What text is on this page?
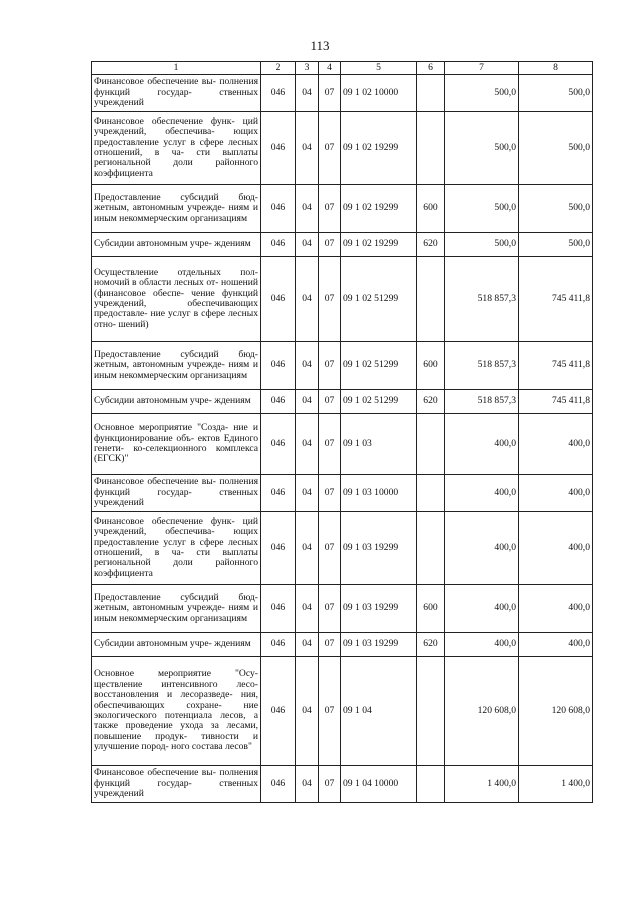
113
1	2	3	4	5	6	7	8
Финансовое обеспечение вы- полнения функций государ- ственных учреждений	046	04	07	09 1 02 10000		500,0	500,0
Финансовое обеспечение функ- ций учреждений, обеспечива- ющих предоставление услуг в сфере лесных отношений, в ча- сти выплаты региональной доли районного коэффициента	046	04	07	09 1 02 19299		500,0	500,0
Предоставление субсидий бюд- жетным, автономным учрежде- ниям и иным некоммерческим организациям	046	04	07	09 1 02 19299	600	500,0	500,0
Субсидии автономным учре- ждениям	046	04	07	09 1 02 19299	620	500,0	500,0
Осуществление отдельных пол- номочий в области лесных от- ношений (финансовое обеспе- чение функций учреждений, обеспечивающих предоставле- ние услуг в сфере лесных отно- шений)	046	04	07	09 1 02 51299		518 857,3	745 411,8
Предоставление субсидий бюд- жетным, автономным учрежде- ниям и иным некоммерческим организациям	046	04	07	09 1 02 51299	600	518 857,3	745 411,8
Субсидии автономным учре- ждениям	046	04	07	09 1 02 51299	620	518 857,3	745 411,8
Основное мероприятие "Созда- ние и функционирование объ- ектов Единого генети- ко-селекционного комплекса (ЕГСК)"	046	04	07	09 1 03		400,0	400,0
Финансовое обеспечение вы- полнения функций государ- ственных учреждений	046	04	07	09 1 03 10000		400,0	400,0
Финансовое обеспечение функ- ций учреждений, обеспечива- ющих предоставление услуг в сфере лесных отношений, в ча- сти выплаты региональной доли районного коэффициента	046	04	07	09 1 03 19299		400,0	400,0
Предоставление субсидий бюд- жетным, автономным учрежде- ниям и иным некоммерческим организациям	046	04	07	09 1 03 19299	600	400,0	400,0
Субсидии автономным учре- ждениям	046	04	07	09 1 03 19299	620	400,0	400,0
Основное мероприятие "Осу- ществление интенсивного лесо- восстановления и лесоразведе- ния, обеспечивающих сохране- ние экологического потенциала лесов, а также проведение ухода за лесами, повышение продук- тивности и улучшение пород- ного состава лесов"	046	04	07	09 1 04		120 608,0	120 608,0
Финансовое обеспечение вы- полнения функций государ- ственных учреждений	046	04	07	09 1 04 10000		1 400,0	1 400,0
